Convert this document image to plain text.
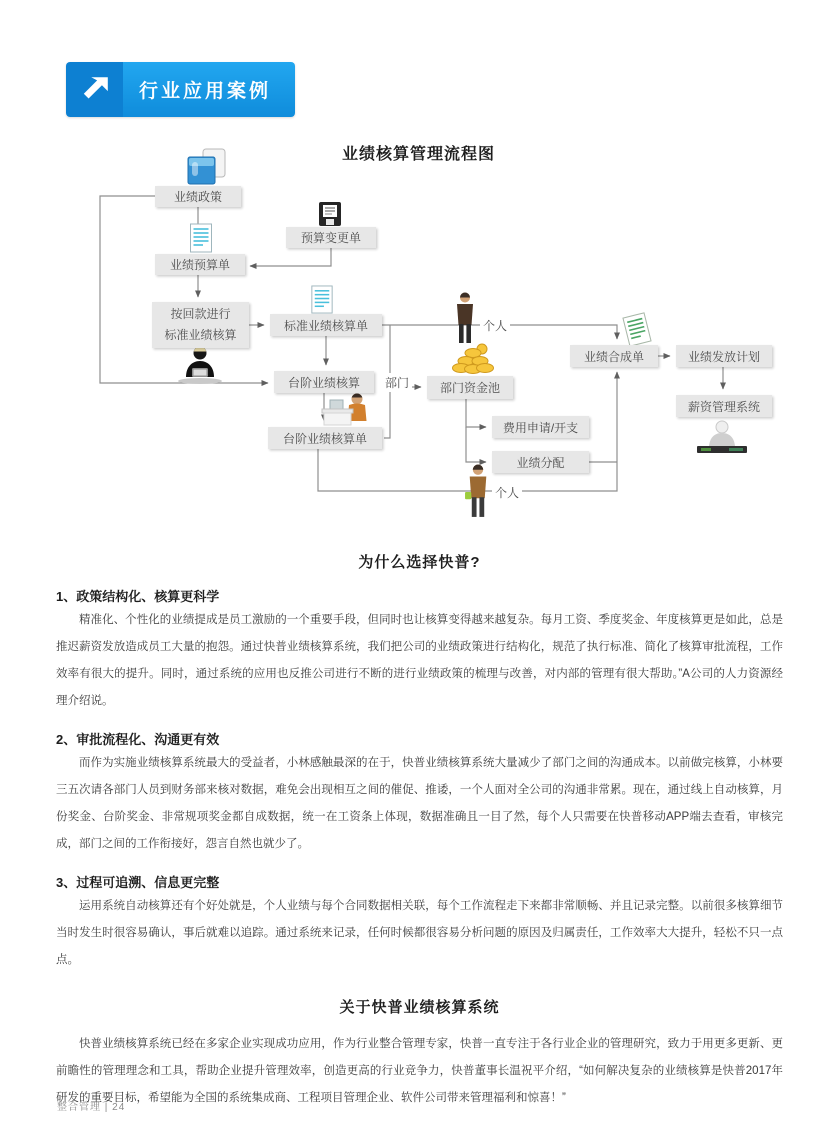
行业应用案例
业绩核算管理流程图
业绩政策
预算变更单
业绩预算单
按回款进行
标准业绩核算
标准业绩核算单
台阶业绩核算
台阶业绩核算单
部门资金池
费用申请/开支
业绩分配
业绩合成单	业绩发放计划
薪资管理系统
部门
个人
个人
为什么选择快普?
1、政策结构化、核算更科学

精准化、个性化的业绩提成是员工激励的一个重要手段，但同时也让核算变得越来越复杂。每月工资、季度奖金、年度核算更是如此，总是推迟薪资发放造成员工大量的抱怨。通过快普业绩核算系统，我们把公司的业绩政策进行结构化，规范了执行标准、简化了核算审批流程，工作效率有很大的提升。同时，通过系统的应用也反推公司进行不断的进行业绩政策的梳理与改善，对内部的管理有很大帮助。”A公司的人力资源经理介绍说。

2、审批流程化、沟通更有效

而作为实施业绩核算系统最大的受益者，小林感触最深的在于，快普业绩核算系统大量减少了部门之间的沟通成本。以前做完核算，小林要三五次请各部门人员到财务部来核对数据，难免会出现相互之间的催促、推诿，一个人面对全公司的沟通非常累。现在，通过线上自动核算，月份奖金、台阶奖金、非常规项奖金都自成数据，统一在工资条上体现，数据准确且一目了然，每个人只需要在快普移动APP端去查看，审核完成，部门之间的工作衔接好，怨言自然也就少了。

3、过程可追溯、信息更完整

运用系统自动核算还有个好处就是，个人业绩与每个合同数据相关联，每个工作流程走下来都非常顺畅、并且记录完整。以前很多核算细节当时发生时很容易确认，事后就难以追踪。通过系统来记录，任何时候都很容易分析问题的原因及归属责任，工作效率大大提升，轻松不只一点点。

关于快普业绩核算系统

快普业绩核算系统已经在多家企业实现成功应用，作为行业整合管理专家，快普一直专注于各行业企业的管理研究，致力于用更多更新、更前瞻性的管理理念和工具，帮助企业提升管理效率，创造更高的行业竞争力，快普董事长温祝平介绍，“如何解决复杂的业绩核算是快普2017年研发的重要目标，希望能为全国的系统集成商、工程项目管理企业、软件公司带来管理福利和惊喜！”

整合管理 | 24
